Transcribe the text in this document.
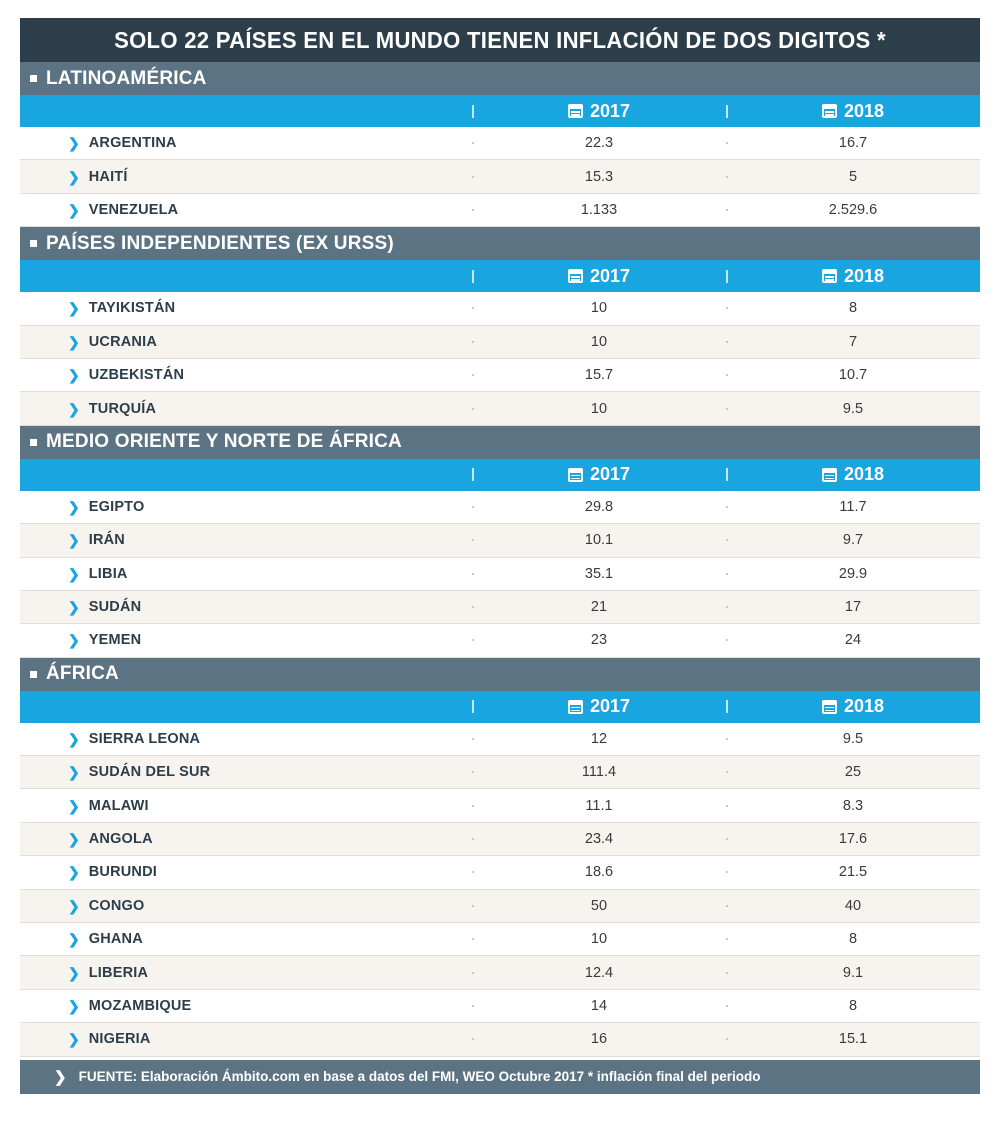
SOLO 22 PAÍSES EN EL MUNDO TIENEN INFLACIÓN DE DOS DIGITOS *
LATINOAMÉRICA
2017	2018
❯ ARGENTINA	22.3	16.7
❯ HAITÍ	15.3	5
❯ VENEZUELA	1.133	2.529.6
PAÍSES INDEPENDIENTES (EX URSS)
2017	2018
❯ TAYIKISTÁN	10	8
❯ UCRANIA	10	7
❯ UZBEKISTÁN	15.7	10.7
❯ TURQUÍA	10	9.5
MEDIO ORIENTE Y NORTE DE ÁFRICA
2017	2018
❯ EGIPTO	29.8	11.7
❯ IRÁN	10.1	9.7
❯ LIBIA	35.1	29.9
❯ SUDÁN	21	17
❯ YEMEN	23	24
ÁFRICA
2017	2018
❯ SIERRA LEONA	12	9.5
❯ SUDÁN DEL SUR	111.4	25
❯ MALAWI	11.1	8.3
❯ ANGOLA	23.4	17.6
❯ BURUNDI	18.6	21.5
❯ CONGO	50	40
❯ GHANA	10	8
❯ LIBERIA	12.4	9.1
❯ MOZAMBIQUE	14	8
❯ NIGERIA	16	15.1
❯ FUENTE: Elaboración Ámbito.com en base a datos del FMI, WEO Octubre 2017 * inflación final del periodo
